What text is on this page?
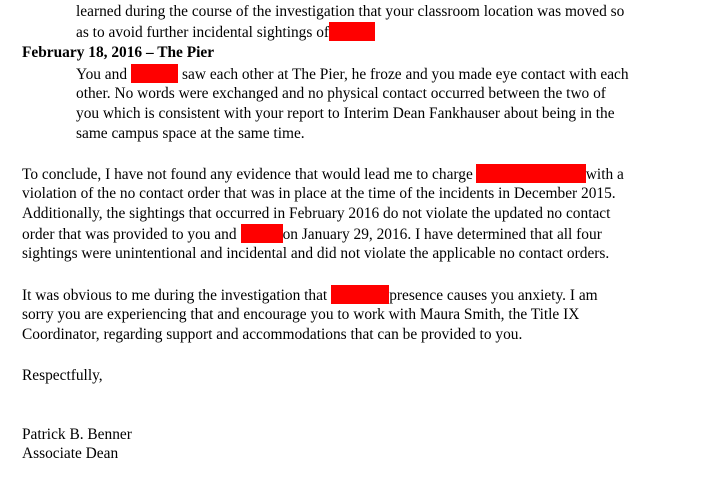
learned during the course of the investigation that your classroom location was moved so
as to avoid further incidental sightings of
February 18, 2016 – The Pier
You and	saw each other at The Pier, he froze and you made eye contact with each
other. No words were exchanged and no physical contact occurred between the two of
you which is consistent with your report to Interim Dean Fankhauser about being in the
same campus space at the same time.
To conclude, I have not found any evidence that would lead me to charge	with a
violation of the no contact order that was in place at the time of the incidents in December 2015.
Additionally, the sightings that occurred in February 2016 do not violate the updated no contact
order that was provided to you and	on January 29, 2016. I have determined that all four
sightings were unintentional and incidental and did not violate the applicable no contact orders.
It was obvious to me during the investigation that	presence causes you anxiety. I am
sorry you are experiencing that and encourage you to work with Maura Smith, the Title IX
Coordinator, regarding support and accommodations that can be provided to you.
Respectfully,
Patrick B. Benner
Associate Dean
